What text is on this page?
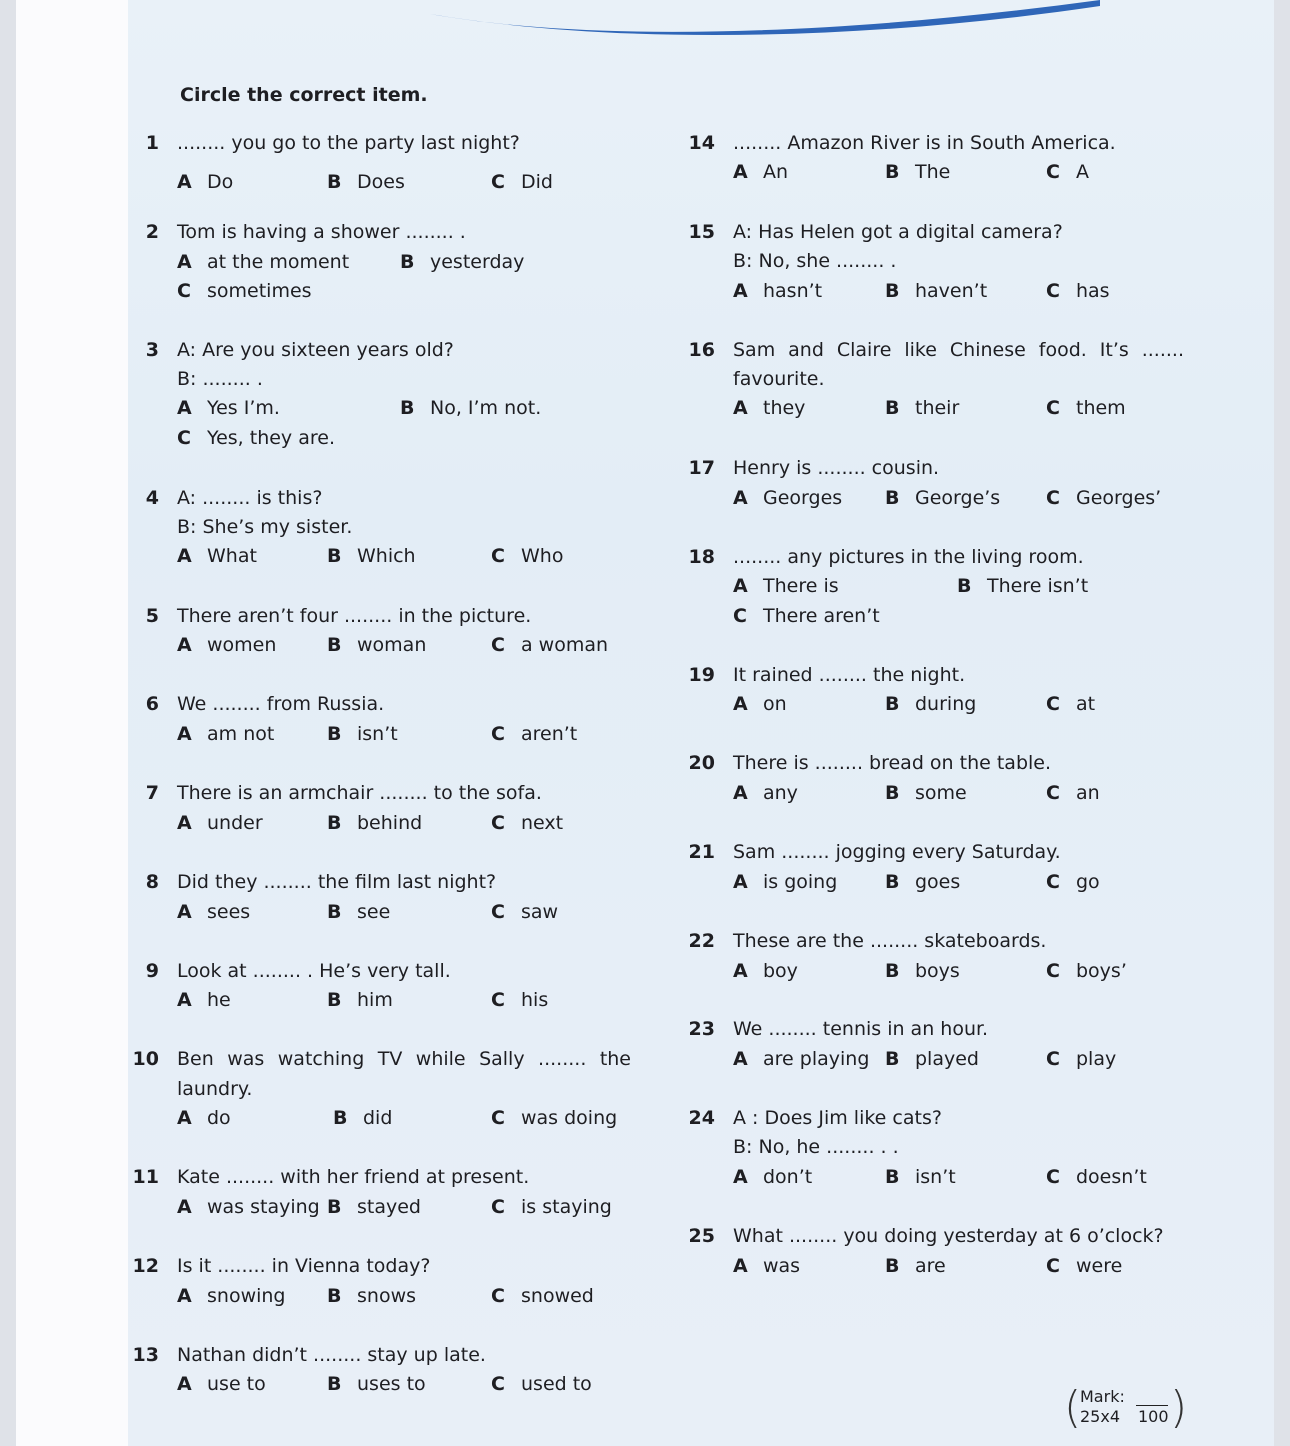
Circle the correct item.
1 ........ you go to the party last night?
A Do	B Does	C Did
2 Tom is having a shower ........ .
A at the moment	B yesterday
C sometimes
3 A: Are you sixteen years old?
B: ........ .
A Yes I’m.	B No, I’m not.
C Yes, they are.
4 A: ........ is this?
B: She’s my sister.
A What	B Which	C Who
5 There aren’t four ........ in the picture.
A women	B woman	C a woman
6 We ........ from Russia.
A am not	B isn’t	C aren’t
7 There is an armchair ........ to the sofa.
A under	B behind	C next
8 Did they ........ the film last night?
A sees	B see	C saw
9 Look at ........ . He’s very tall.
A he	B him	C his
10 Ben was watching TV while Sally ........ the
laundry.
A do	B did	C was doing
11 Kate ........ with her friend at present.
A was staying B stayed	C is staying
12 Is it ........ in Vienna today?
A snowing B snows	C snowed
13 Nathan didn’t ........ stay up late.
A use to	B uses to	C used to
14 ........ Amazon River is in South America.
A An	B The	C A
15 A: Has Helen got a digital camera?
B: No, she ........ .
A hasn’t	B haven’t	C has
16 Sam and Claire like Chinese food. It’s .......
favourite.
A they	B their	C them
17 Henry is ........ cousin.
A Georges B George’s C Georges’
18 ........ any pictures in the living room.
A There is	B There isn’t
C There aren’t
19 It rained ........ the night.
A on	B during	C at
20 There is ........ bread on the table.
A any	B some	C an
21 Sam ........ jogging every Saturday.
A is going	B goes	C go
22 These are the ........ skateboards.
A boy	B boys	C boys’
23 We ........ tennis in an hour.
A are playing B played	C play
24 A : Does Jim like cats?
B: No, he ........ . .
A don’t	B isn’t	C doesn’t
25 What ........ you doing yesterday at 6 o’clock?
A was	B are	C were
(
Mark:
25x4 100 )
